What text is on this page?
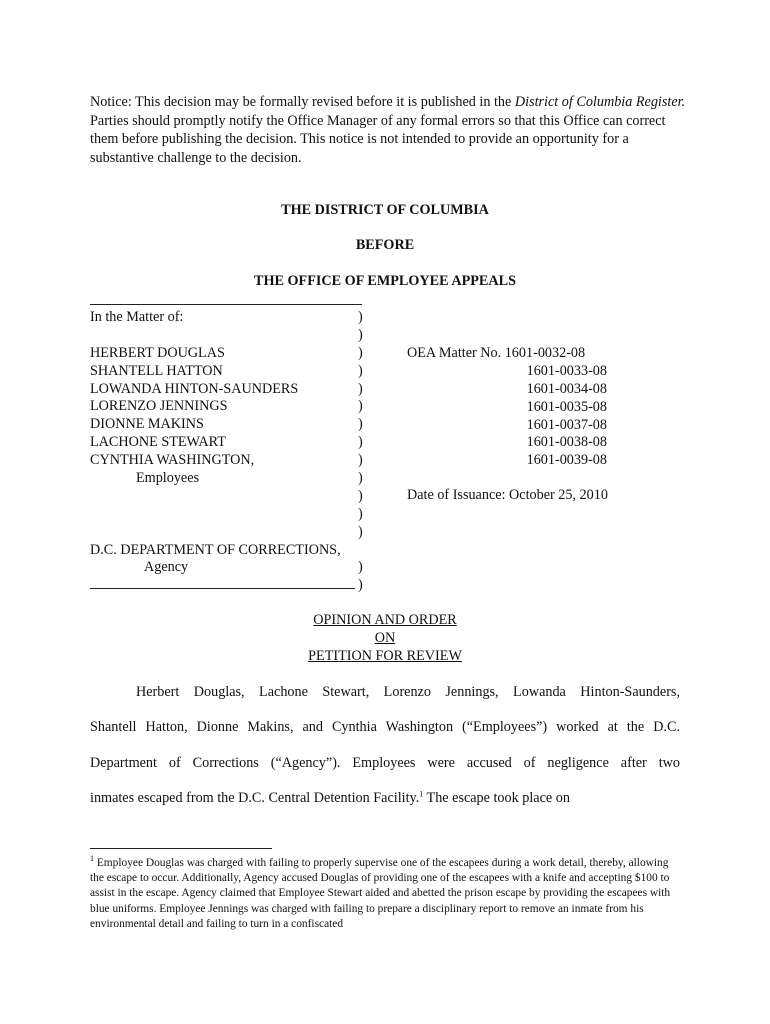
Notice: This decision may be formally revised before it is published in the District of Columbia Register. Parties should promptly notify the Office Manager of any formal errors so that this Office can correct them before publishing the decision. This notice is not intended to provide an opportunity for a substantive challenge to the decision.
THE DISTRICT OF COLUMBIA
BEFORE
THE OFFICE OF EMPLOYEE APPEALS
In the Matter of:
HERBERT DOUGLAS
SHANTELL HATTON
LOWANDA HINTON-SAUNDERS
LORENZO JENNINGS
DIONNE MAKINS
LACHONE STEWART
CYNTHIA WASHINGTON,
Employees
D.C. DEPARTMENT OF CORRECTIONS,
Agency
)
)
)
)
)
)
)
)
)
)
)
)
)
)
)
OEA Matter No. 1601-0032-08
1601-0033-08
1601-0034-08
1601-0035-08
1601-0037-08
1601-0038-08
1601-0039-08
Date of Issuance: October 25, 2010
OPINION AND ORDER
ON
PETITION FOR REVIEW
Herbert Douglas, Lachone Stewart, Lorenzo Jennings, Lowanda Hinton-Saunders,
Shantell Hatton, Dionne Makins, and Cynthia Washington (“Employees”) worked at the D.C.
Department of Corrections (“Agency”). Employees were accused of negligence after two
inmates escaped from the D.C. Central Detention Facility.$^1$ The escape took place on
$^1$ Employee Douglas was charged with failing to properly supervise one of the escapees during a work detail, thereby, allowing the escape to occur. Additionally, Agency accused Douglas of providing one of the escapees with a knife and accepting $100 to assist in the escape. Agency claimed that Employee Stewart aided and abetted the prison escape by providing the escapees with blue uniforms. Employee Jennings was charged with failing to prepare a disciplinary report to remove an inmate from his environmental detail and failing to turn in a confiscated
